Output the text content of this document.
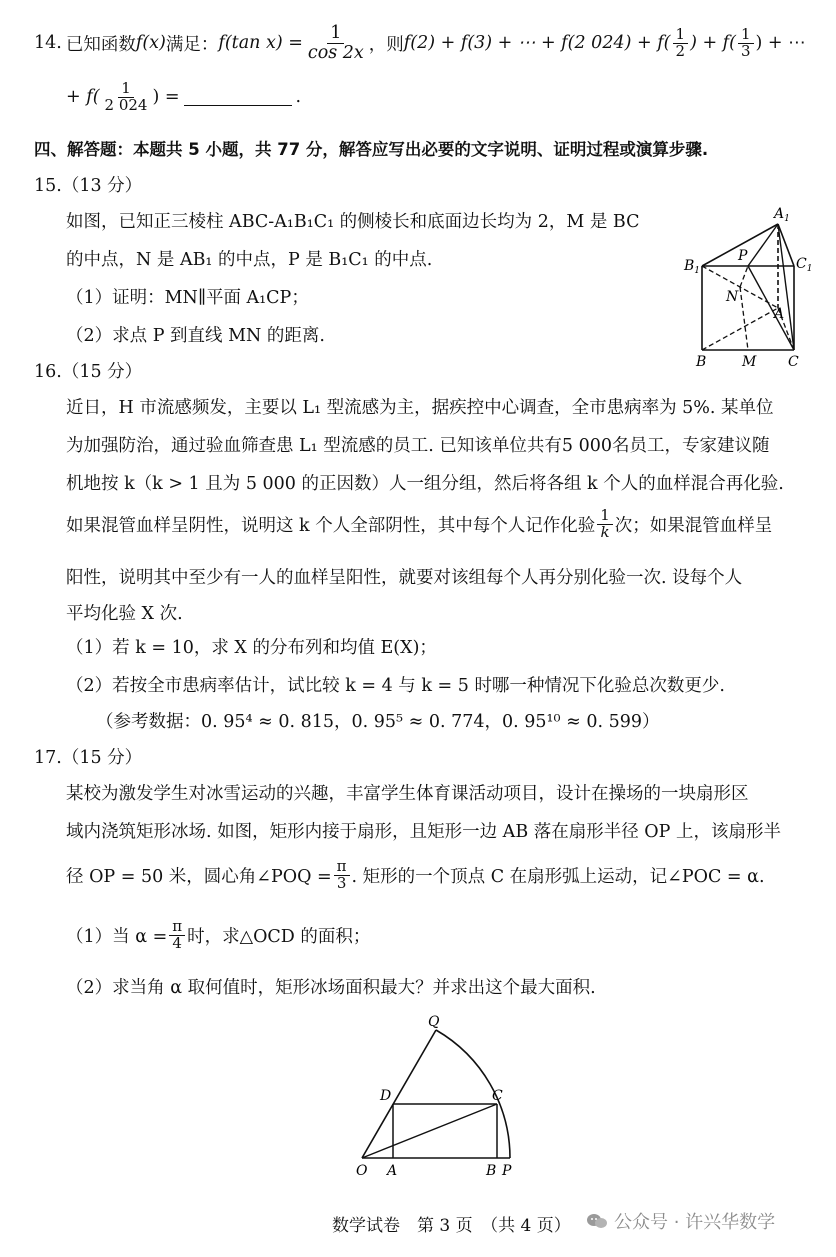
14. 已知函数 f(x) 满足： f(tan $x) = \frac{1}{\cos 2x}$ ，则 f(2) + f(3) + ⋯ + f(2 $024) + f( \frac{1}{2}$ ) + $f( \frac{1}{3}$ ) + ⋯
+ $f( \frac{1}{2 024}$ ) =	.
四、解答题：本题共 5 小题，共 77 分，解答应写出必要的文字说明、证明过程或演算步骤.
15.（13 分）
如图，已知正三棱柱 ABC-A₁B₁C₁ 的侧棱长和底面边长均为 2，M 是 BC
的中点，N 是 AB₁ 的中点，P 是 B₁C₁ 的中点.
（1）证明：MN∥平面 A₁CP；
（2）求点 P 到直线 MN 的距离.
$A_1$
$B_1$	$C_1$
P
N
A
B	M C
16.（15 分）
近日，H 市流感频发，主要以 L₁ 型流感为主，据疾控中心调查，全市患病率为 5%. 某单位
为加强防治，通过验血筛查患 L₁ 型流感的员工. 已知该单位共有5 000名员工，专家建议随
机地按 k（k > 1 且为 5 000 的正因数）人一组分组，然后将各组 k 个人的血样混合再化验.
如果混管血样呈阴性，说明这 k 个人全部阴性，其中每个人记作化验 $\frac{1}{k}$ 次；如果混管血样呈
阳性，说明其中至少有一人的血样呈阳性，就要对该组每个人再分别化验一次. 设每个人
平均化验 X 次.
（1）若 k = 10，求 X 的分布列和均值 E(X)；
（2）若按全市患病率估计，试比较 k = 4 与 k = 5 时哪一种情况下化验总次数更少.
（参考数据：0. 95⁴ ≈ 0. 815，0. 95⁵ ≈ 0. 774，0. 95¹⁰ ≈ 0. 599）
17.（15 分）
某校为激发学生对冰雪运动的兴趣，丰富学生体育课活动项目，设计在操场的一块扇形区
域内浇筑矩形冰场. 如图，矩形内接于扇形，且矩形一边 AB 落在扇形半径 OP 上，该扇形半
径 OP = 50 米，圆心角∠POQ = $\frac{\pi}{3}$ . 矩形的一个顶点 C 在扇形弧上运动，记∠POC = α.
（1）当 $\alpha = \frac{\pi}{4}$ 时，求△OCD 的面积；
（2）求当角 α 取何值时，矩形冰场面积最大？并求出这个最大面积.
Q
D	C
O A	B P
数学试卷　第 3 页　（共 4 页） 公众号 · 许兴华数学
